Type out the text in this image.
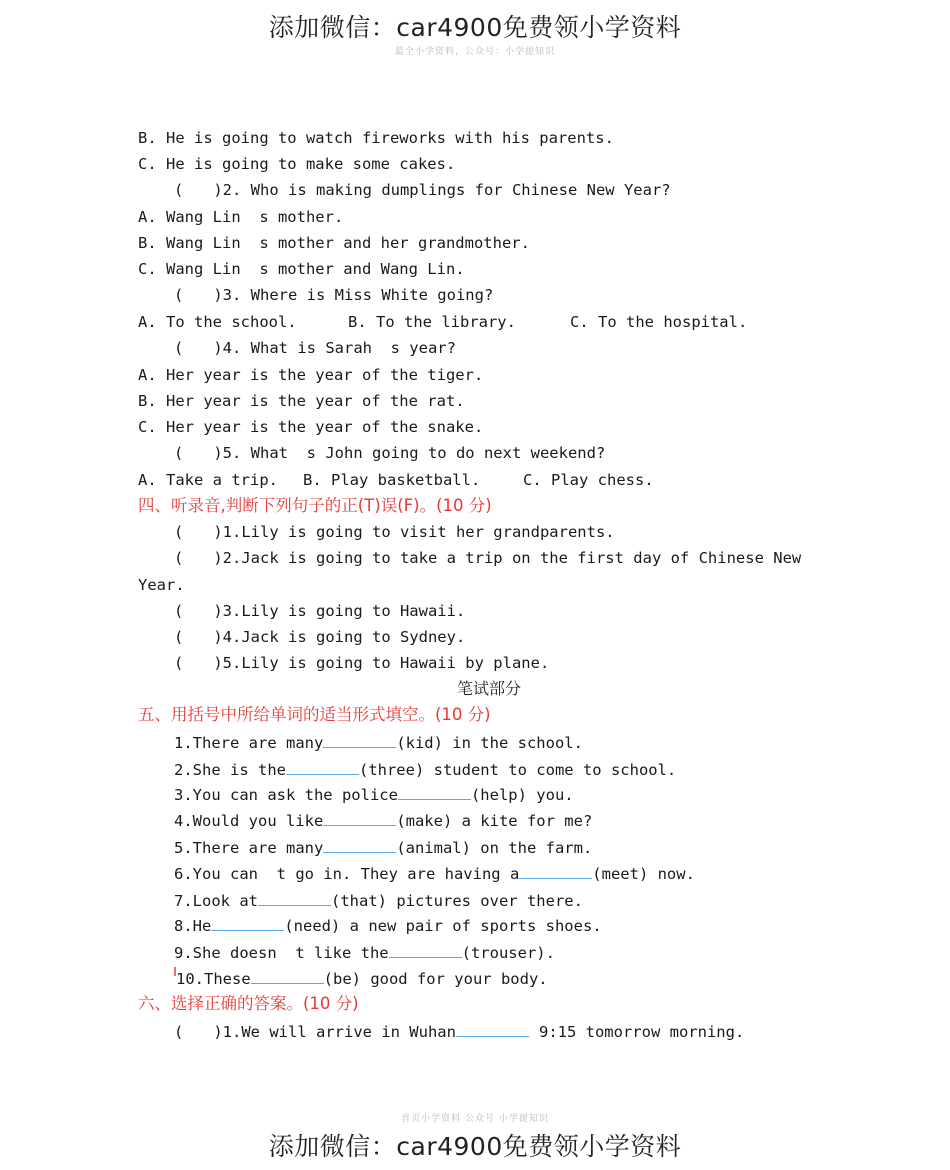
添加微信：car4900免费领小学资料
最全小学资料，公众号：小学提知识
B. He is going to watch fireworks with his parents.
C. He is going to make some cakes.
( )2. Who is making dumplings for Chinese New Year?
A. Wang Lin  s mother.
B. Wang Lin  s mother and her grandmother.
C. Wang Lin  s mother and Wang Lin.
( )3. Where is Miss White going?
A. To the school.	B. To the library.	C. To the hospital.
( )4. What is Sarah  s year?
A. Her year is the year of the tiger.
B. Her year is the year of the rat.
C. Her year is the year of the snake.
( )5. What  s John going to do next weekend?
A. Take a trip. B. Play basketball.	C. Play chess.
四、听录音,判断下列句子的正(T)误(F)。(10 分)
( )1.Lily is going to visit her grandparents.
( )2.Jack is going to take a trip on the first day of Chinese New
Year.
( )3.Lily is going to Hawaii.
( )4.Jack is going to Sydney.
( )5.Lily is going to Hawaii by plane.
笔试部分
五、用括号中所给单词的适当形式填空。(10 分)
1.There are many	(kid) in the school.
2.She is the	(three) student to come to school.
3.You can ask the police	(help) you.
4.Would you like	(make) a kite for me?
5.There are many	(animal) on the farm.
6.You can  t go in. They are having a	(meet) now.
7.Look at	(that) pictures over there.
8.He	(need) a new pair of sports shoes.
9.She doesn  t like the	(trouser).
10.These	(be) good for your body.
六、选择正确的答案。(10 分)
( )1.We will arrive in Wuhan	9:15 tomorrow morning.
首页小学资料 公众号 小学提知识
添加微信：car4900免费领小学资料
